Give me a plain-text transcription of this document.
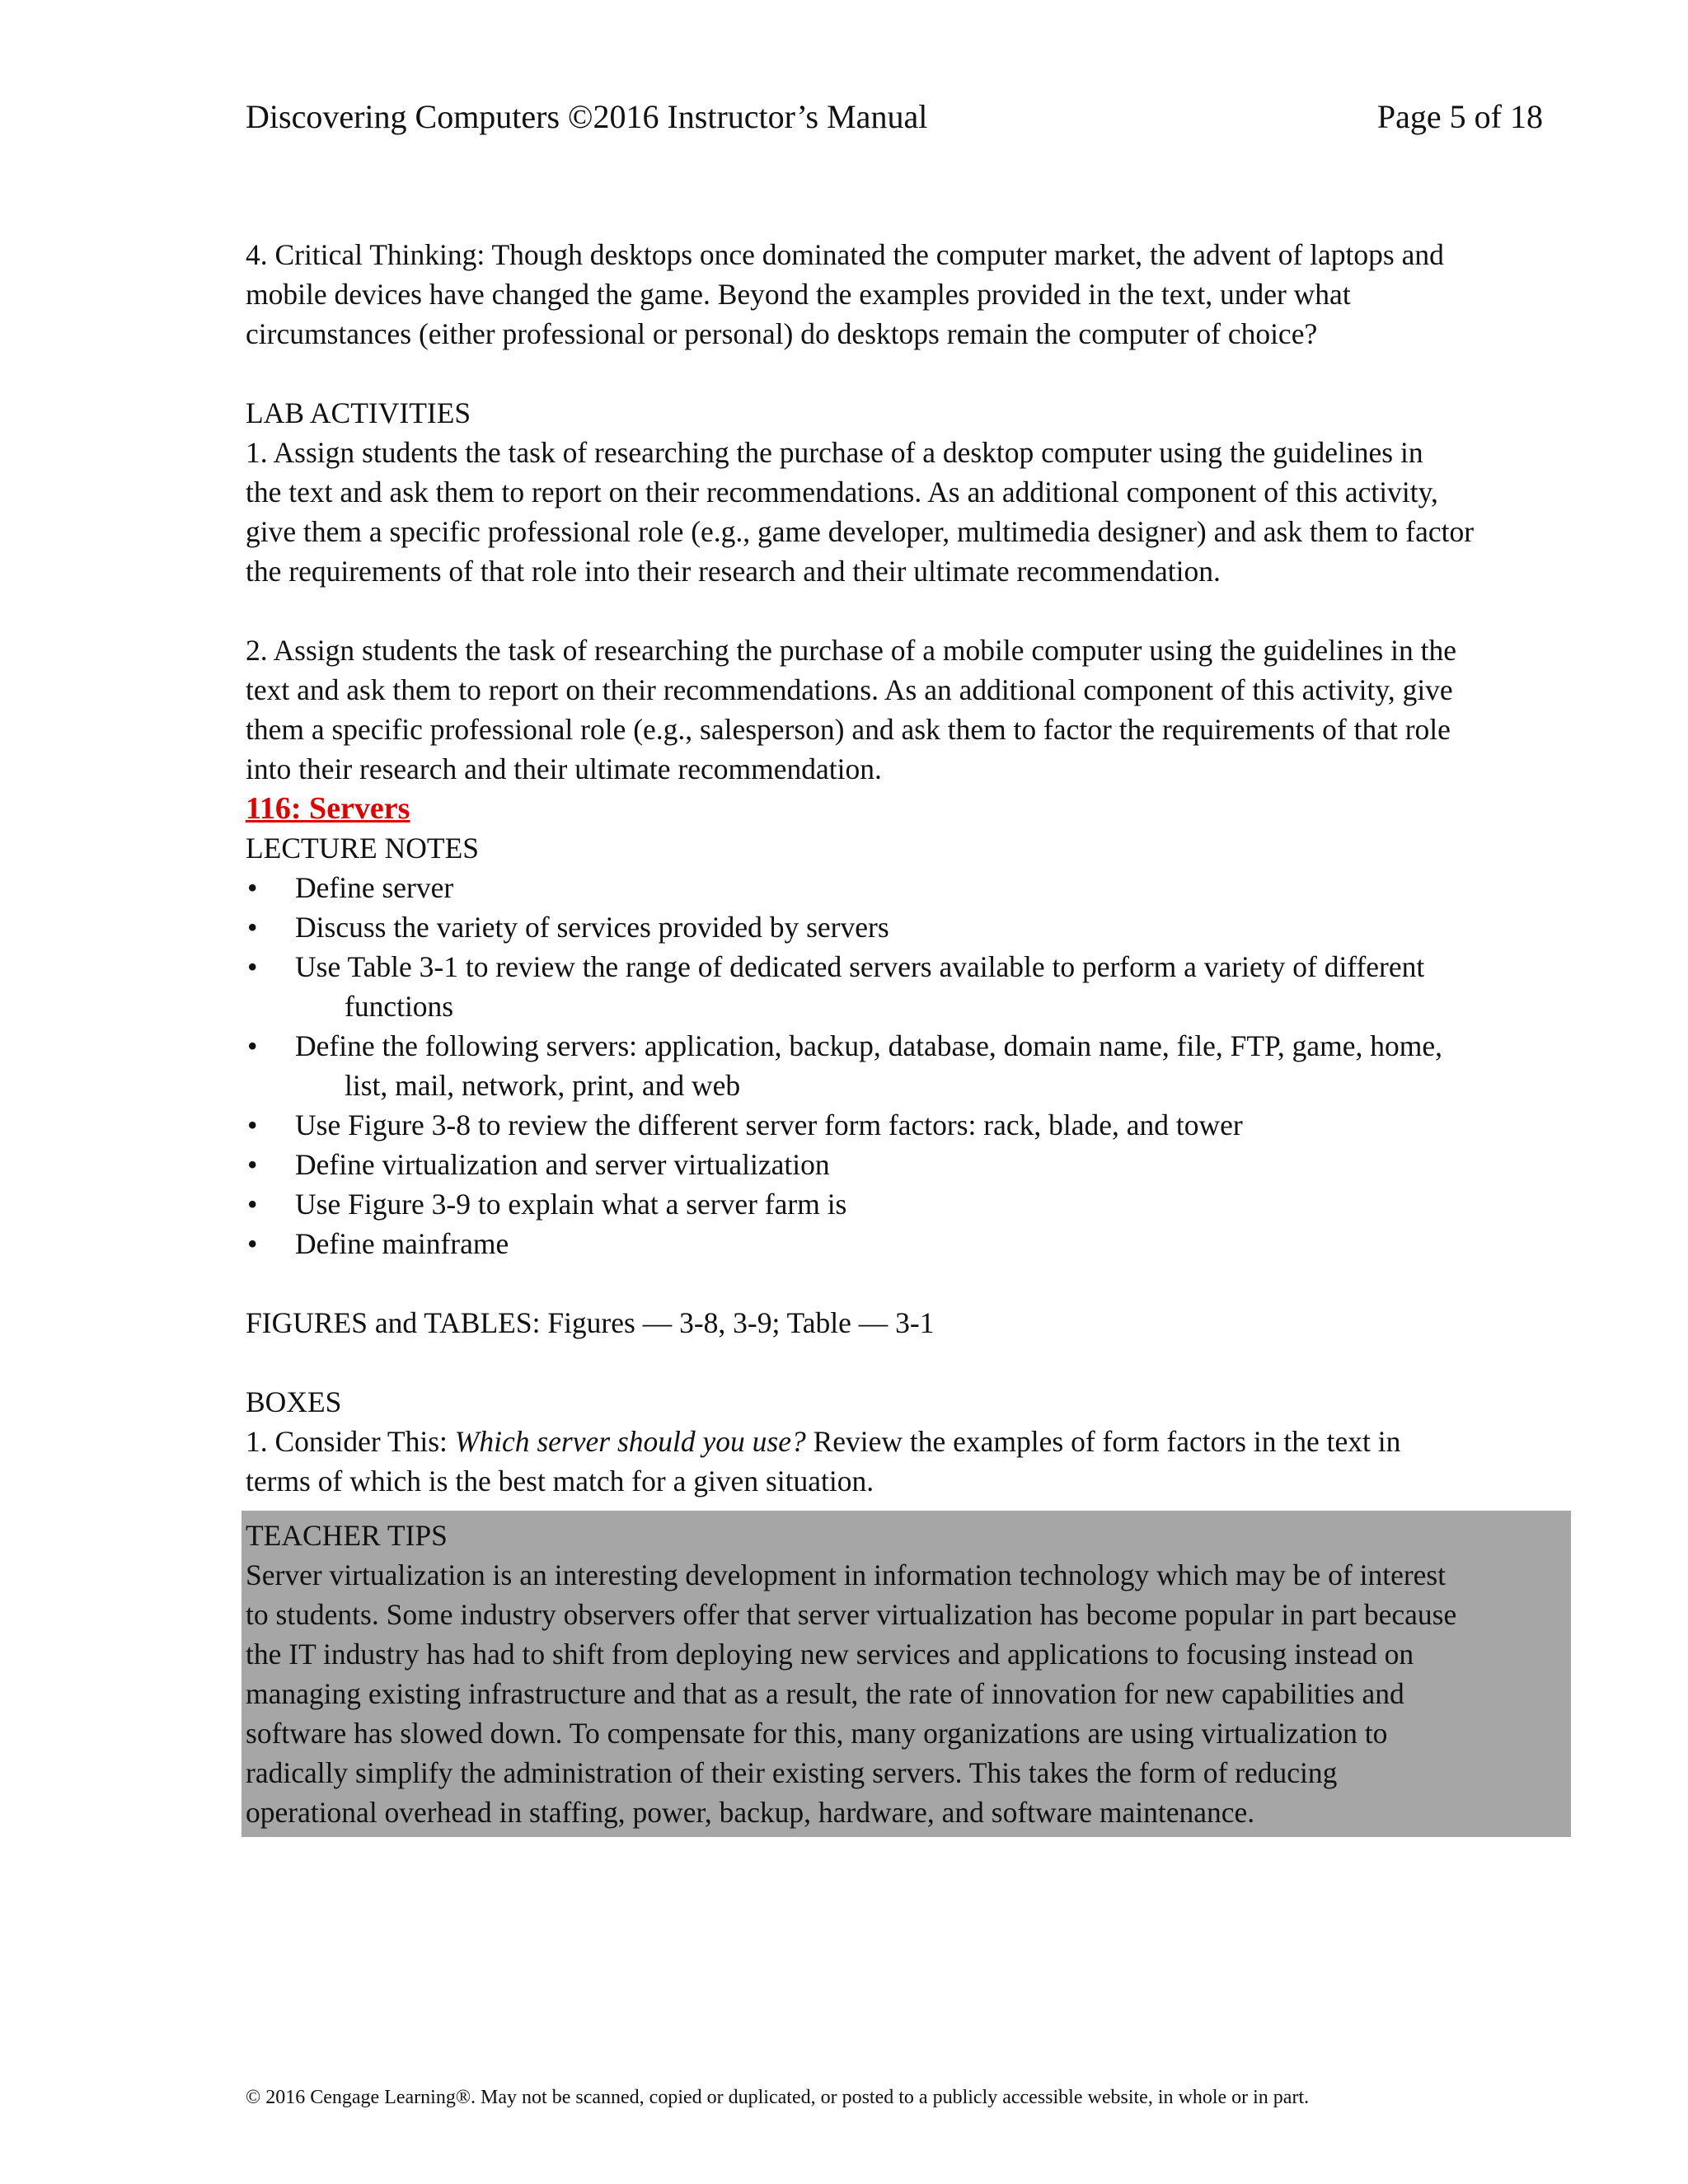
Discovering Computers ©2016 Instructor’s Manual	Page 5 of 18

4. Critical Thinking: Though desktops once dominated the computer market, the advent of laptops and

mobile devices have changed the game. Beyond the examples provided in the text, under what

circumstances (either professional or personal) do desktops remain the computer of choice?

LAB ACTIVITIES

1. Assign students the task of researching the purchase of a desktop computer using the guidelines in

the text and ask them to report on their recommendations. As an additional component of this activity,

give them a specific professional role (e.g., game developer, multimedia designer) and ask them to factor

the requirements of that role into their research and their ultimate recommendation.

2. Assign students the task of researching the purchase of a mobile computer using the guidelines in the

text and ask them to report on their recommendations. As an additional component of this activity, give

them a specific professional role (e.g., salesperson) and ask them to factor the requirements of that role

into their research and their ultimate recommendation.

116: Servers

LECTURE NOTES

• Define server
• Discuss the variety of services provided by servers
• Use Table 3-1 to review the range of dedicated servers available to perform a variety of different
functions
• Define the following servers: application, backup, database, domain name, file, FTP, game, home,
list, mail, network, print, and web
• Use Figure 3-8 to review the different server form factors: rack, blade, and tower
• Define virtualization and server virtualization
• Use Figure 3-9 to explain what a server farm is
• Define mainframe

FIGURES and TABLES: Figures — 3-8, 3-9; Table — 3-1

BOXES

1. Consider This: Which server should you use? Review the examples of form factors in the text in

terms of which is the best match for a given situation.

TEACHER TIPS

Server virtualization is an interesting development in information technology which may be of interest

to students. Some industry observers offer that server virtualization has become popular in part because

the IT industry has had to shift from deploying new services and applications to focusing instead on

managing existing infrastructure and that as a result, the rate of innovation for new capabilities and

software has slowed down. To compensate for this, many organizations are using virtualization to

radically simplify the administration of their existing servers. This takes the form of reducing

operational overhead in staffing, power, backup, hardware, and software maintenance.

© 2016 Cengage Learning®. May not be scanned, copied or duplicated, or posted to a publicly accessible website, in whole or in part.
